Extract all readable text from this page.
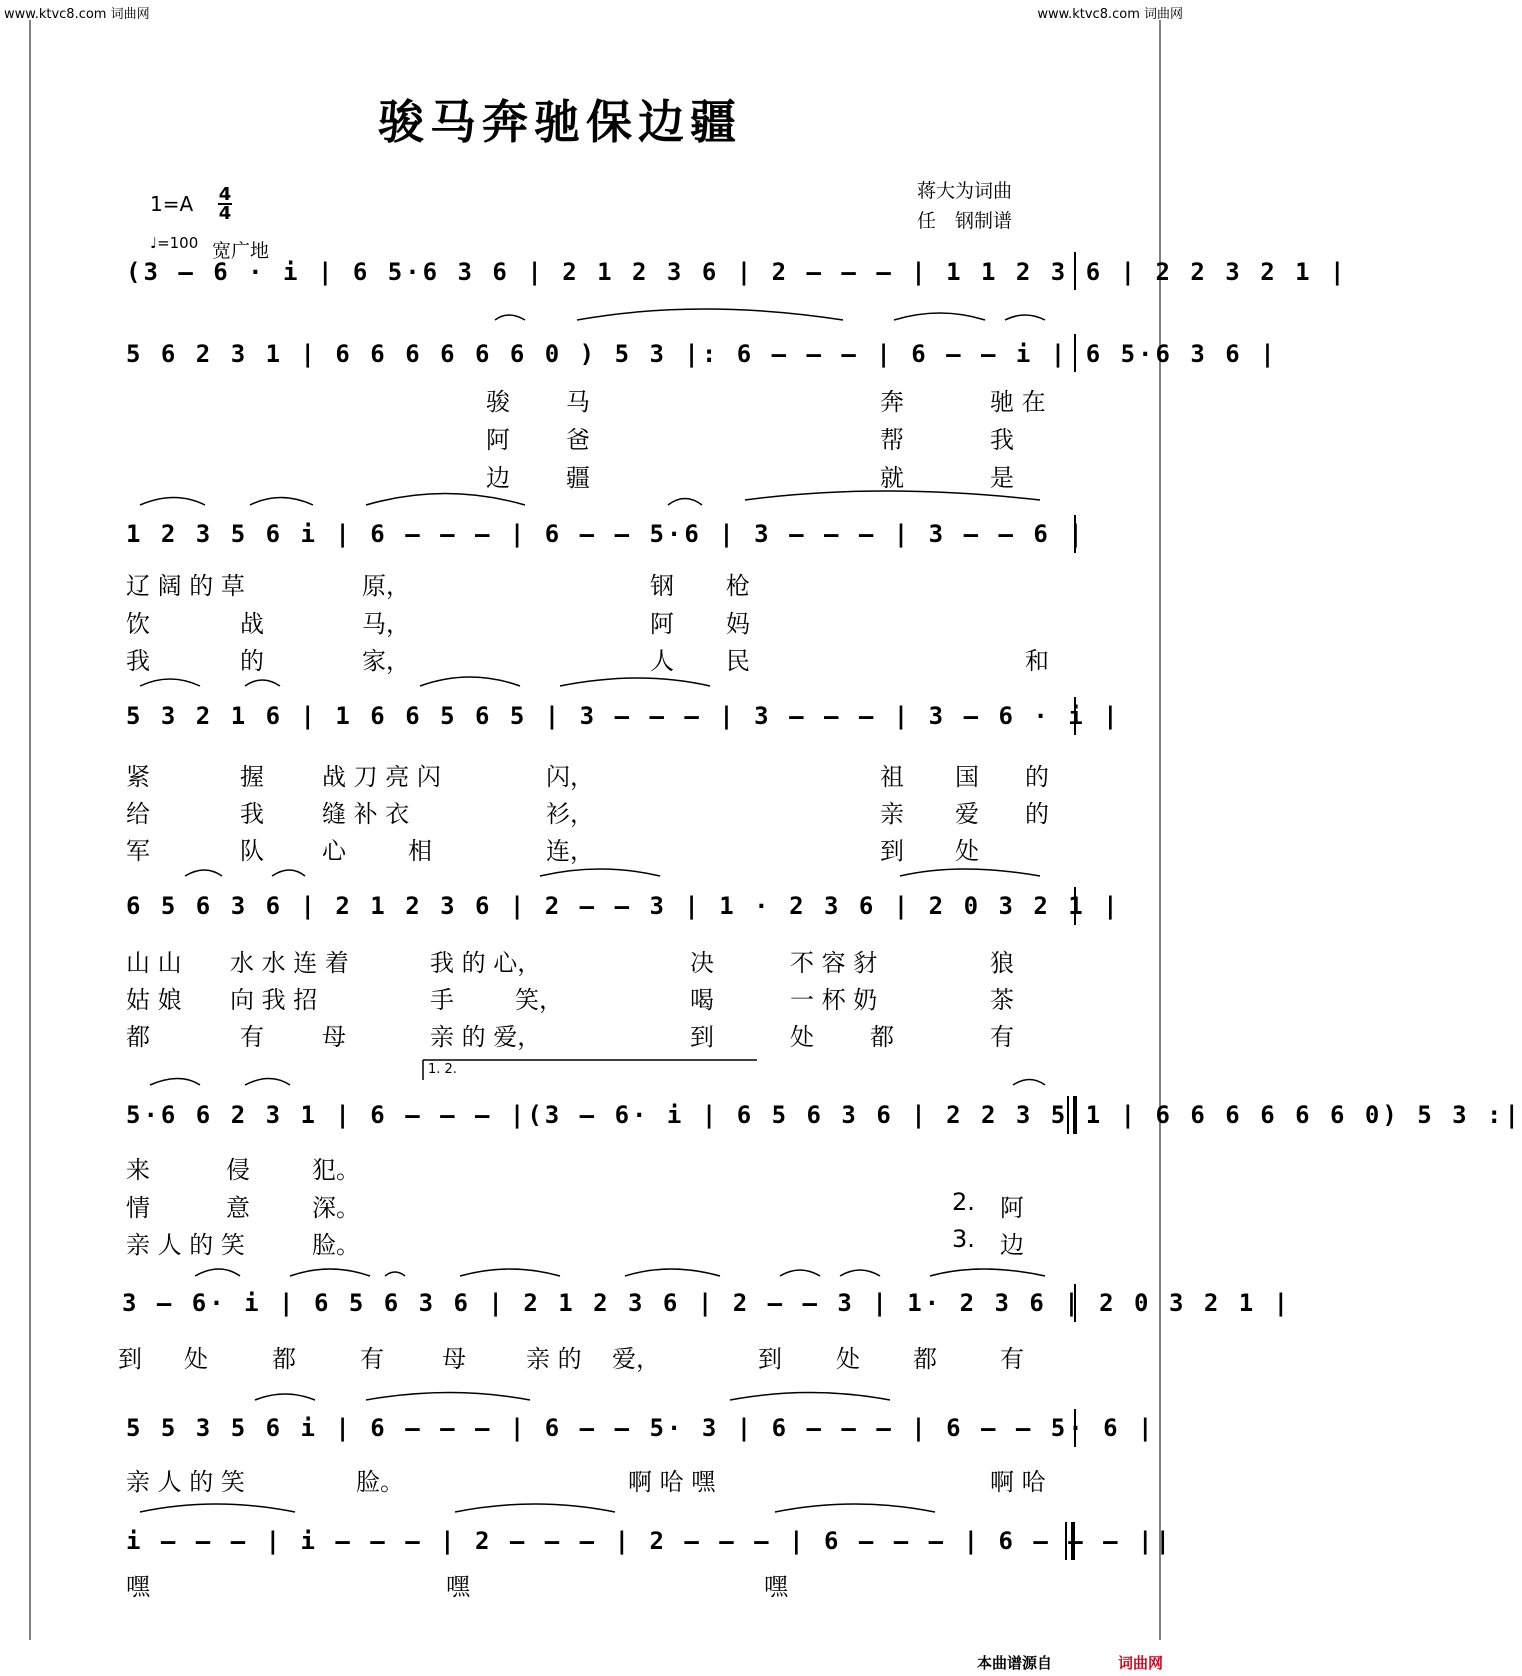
www.ktvc8.com 词曲网	www.ktvc8.com 词曲网
骏马奔驰保边疆
1=A 4
4
♩=100 宽广地
蒋大为词曲
任　钢制谱
(3 – 6 · i | 6 5·6 3 6 | 2 1 2 3 6 | 2 – – – | 1 1 2 3 6 | 2 2 3 2 1 |
5 6 2 3 1 | 6 6 6 6 6 6 0 ) 5 3 |: 6 – – – | 6 – – i | 6 5·6 3 6 |
1 2 3 5 6 i | 6 – – – | 6 – – 5·6 | 3 – – – | 3 – – 6 |
5 3 2 1 6 | 1 6 6 5 6 5 | 3 – – – | 3 – – – | 3 – 6 · i |
6 5 6 3 6 | 2 1 2 3 6 | 2 – – 3 | 1 · 2 3 6 | 2 0 3 2 1 |
5·6 6 2 3 1 | 6 – – – |(3 – 6· i | 6 5 6 3 6 | 2 2 3 5 1 | 6 6 6 6 6 6 0) 5 3 :|
3 – 6· i | 6 5 6 3 6 | 2 1 2 3 6 | 2 – – 3 | 1· 2 3 6 | 2 0 3 2 1 |
5 5 3 5 6 i | 6 – – – | 6 – – 5· 3 | 6 – – – | 6 – – 5· 6 |
i – – – | i – – – | 2 – – – | 2 – – – | 6 – – – | 6 – – – ||
1. 2.
骏 马	奔	驰 在
阿 爸	帮	我
边 疆	就	是
辽 阔 的 草	原，	钢 枪
饮	战	马，	阿 妈
我	的	家，	人 民	和
紧	握 战 刀 亮 闪	闪，	祖 国 的
给	我 缝 补 衣	衫，	亲 爱 的
军	队 心	相	连，	到 处
山 山 水 水 连 着	我 的 心，	决	不 容 豺	狼
姑 娘 向 我 招	手	笑，	喝	一 杯 奶	茶
都	有 母	亲 的 爱，	到	处 都	有
来	侵	犯。
情	意	深。	2. 阿
亲 人 的 笑	脸。	3. 边
到 处	都	有 母	亲 的 爱，	到 处 都	有
亲 人 的 笑	脸。	啊 哈 嘿	啊 哈
嘿	嘿	嘿
本曲谱源自	词曲网
